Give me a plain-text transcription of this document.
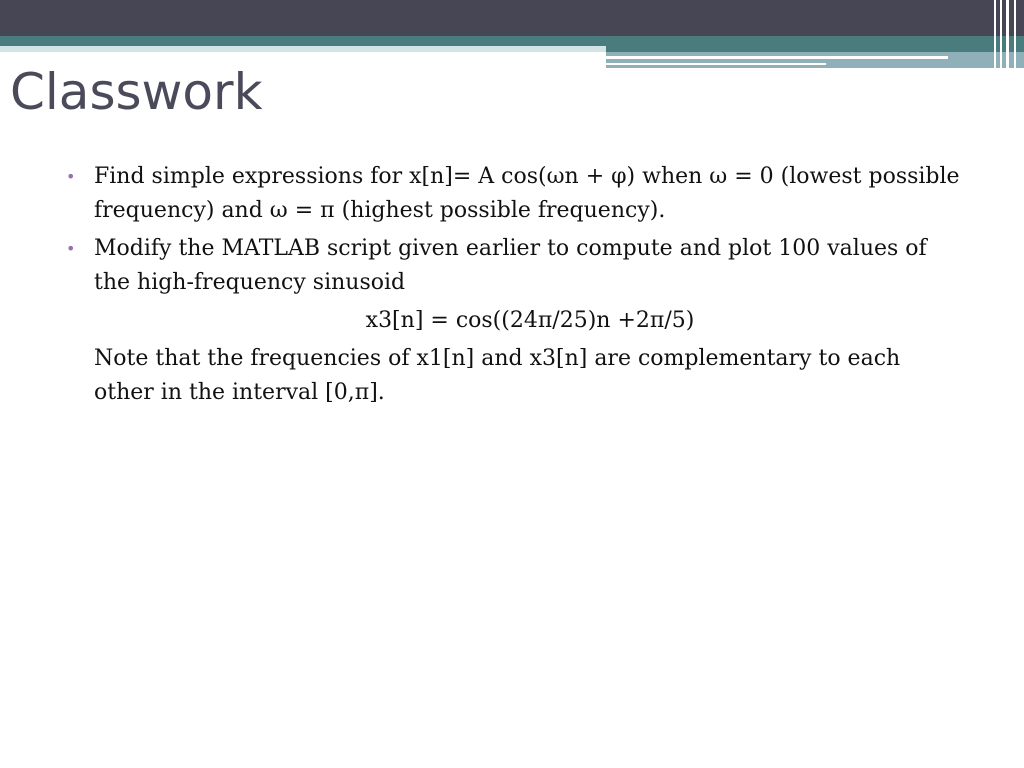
Classwork
• Find simple expressions for x[n]= A cos(ωn + φ) when ω = 0 (lowest possible frequency) and ω = π (highest possible frequency).
• Modify the MATLAB script given earlier to compute and plot 100 values of the high-frequency sinusoid
x3[n] = cos((24π/25)n +2π/5)
Note that the frequencies of x1[n] and x3[n] are complementary to each other in the interval [0,π].
